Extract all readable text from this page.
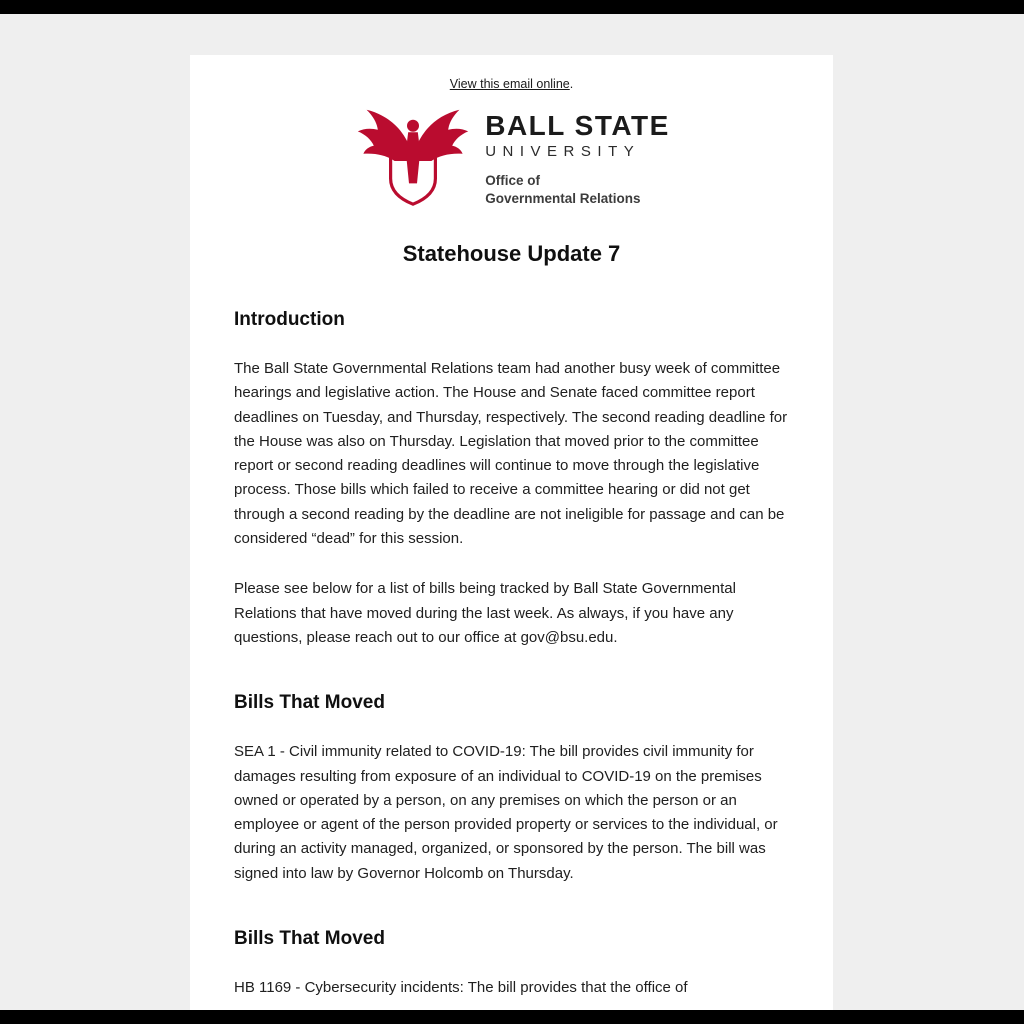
View this email online.
BALL STATE
UNIVERSITY
Office of
Governmental Relations
Statehouse Update 7
Introduction

The Ball State Governmental Relations team had another busy week of committee hearings and legislative action. The House and Senate faced committee report deadlines on Tuesday, and Thursday, respectively. The second reading deadline for the House was also on Thursday. Legislation that moved prior to the committee report or second reading deadlines will continue to move through the legislative process. Those bills which failed to receive a committee hearing or did not get through a second reading by the deadline are not ineligible for passage and can be considered “dead” for this session.

Please see below for a list of bills being tracked by Ball State Governmental Relations that have moved during the last week. As always, if you have any questions, please reach out to our office at gov@bsu.edu.

Bills That Moved

SEA 1 - Civil immunity related to COVID-19: The bill provides civil immunity for damages resulting from exposure of an individual to COVID-19 on the premises owned or operated by a person, on any premises on which the person or an employee or agent of the person provided property or services to the individual, or during an activity managed, organized, or sponsored by the person. The bill was signed into law by Governor Holcomb on Thursday.

Bills That Moved

HB 1169 - Cybersecurity incidents: The bill provides that the office of
